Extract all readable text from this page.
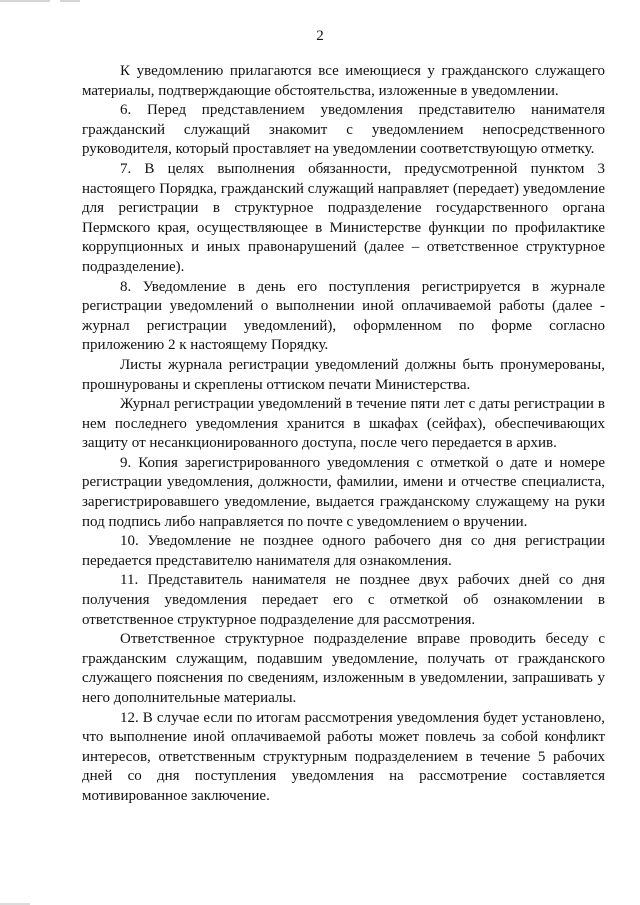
2

К уведомлению прилагаются все имеющиеся у гражданского служащего материалы, подтверждающие обстоятельства, изложенные в уведомлении.

6. Перед представлением уведомления представителю нанимателя гражданский служащий знакомит с уведомлением непосредственного руководителя, который проставляет на уведомлении соответствующую отметку.

7. В целях выполнения обязанности, предусмотренной пунктом 3 настоящего Порядка, гражданский служащий направляет (передает) уведомление для регистрации в структурное подразделение государственного органа Пермского края, осуществляющее в Министерстве функции по профилактике коррупционных и иных правонарушений (далее – ответственное структурное подразделение).

8. Уведомление в день его поступления регистрируется в журнале регистрации уведомлений о выполнении иной оплачиваемой работы (далее - журнал регистрации уведомлений), оформленном по форме согласно приложению 2 к настоящему Порядку.

Листы журнала регистрации уведомлений должны быть пронумерованы, прошнурованы и скреплены оттиском печати Министерства.

Журнал регистрации уведомлений в течение пяти лет с даты регистрации в нем последнего уведомления хранится в шкафах (сейфах), обеспечивающих защиту от несанкционированного доступа, после чего передается в архив.

9. Копия зарегистрированного уведомления с отметкой о дате и номере регистрации уведомления, должности, фамилии, имени и отчестве специалиста, зарегистрировавшего уведомление, выдается гражданскому служащему на руки под подпись либо направляется по почте с уведомлением о вручении.

10. Уведомление не позднее одного рабочего дня со дня регистрации передается представителю нанимателя для ознакомления.

11. Представитель нанимателя не позднее двух рабочих дней со дня получения уведомления передает его с отметкой об ознакомлении в ответственное структурное подразделение для рассмотрения.

Ответственное структурное подразделение вправе проводить беседу с гражданским служащим, подавшим уведомление, получать от гражданского служащего пояснения по сведениям, изложенным в уведомлении, запрашивать у него дополнительные материалы.

12. В случае если по итогам рассмотрения уведомления будет установлено, что выполнение иной оплачиваемой работы может повлечь за собой конфликт интересов, ответственным структурным подразделением в течение 5 рабочих дней со дня поступления уведомления на рассмотрение составляется мотивированное заключение.
